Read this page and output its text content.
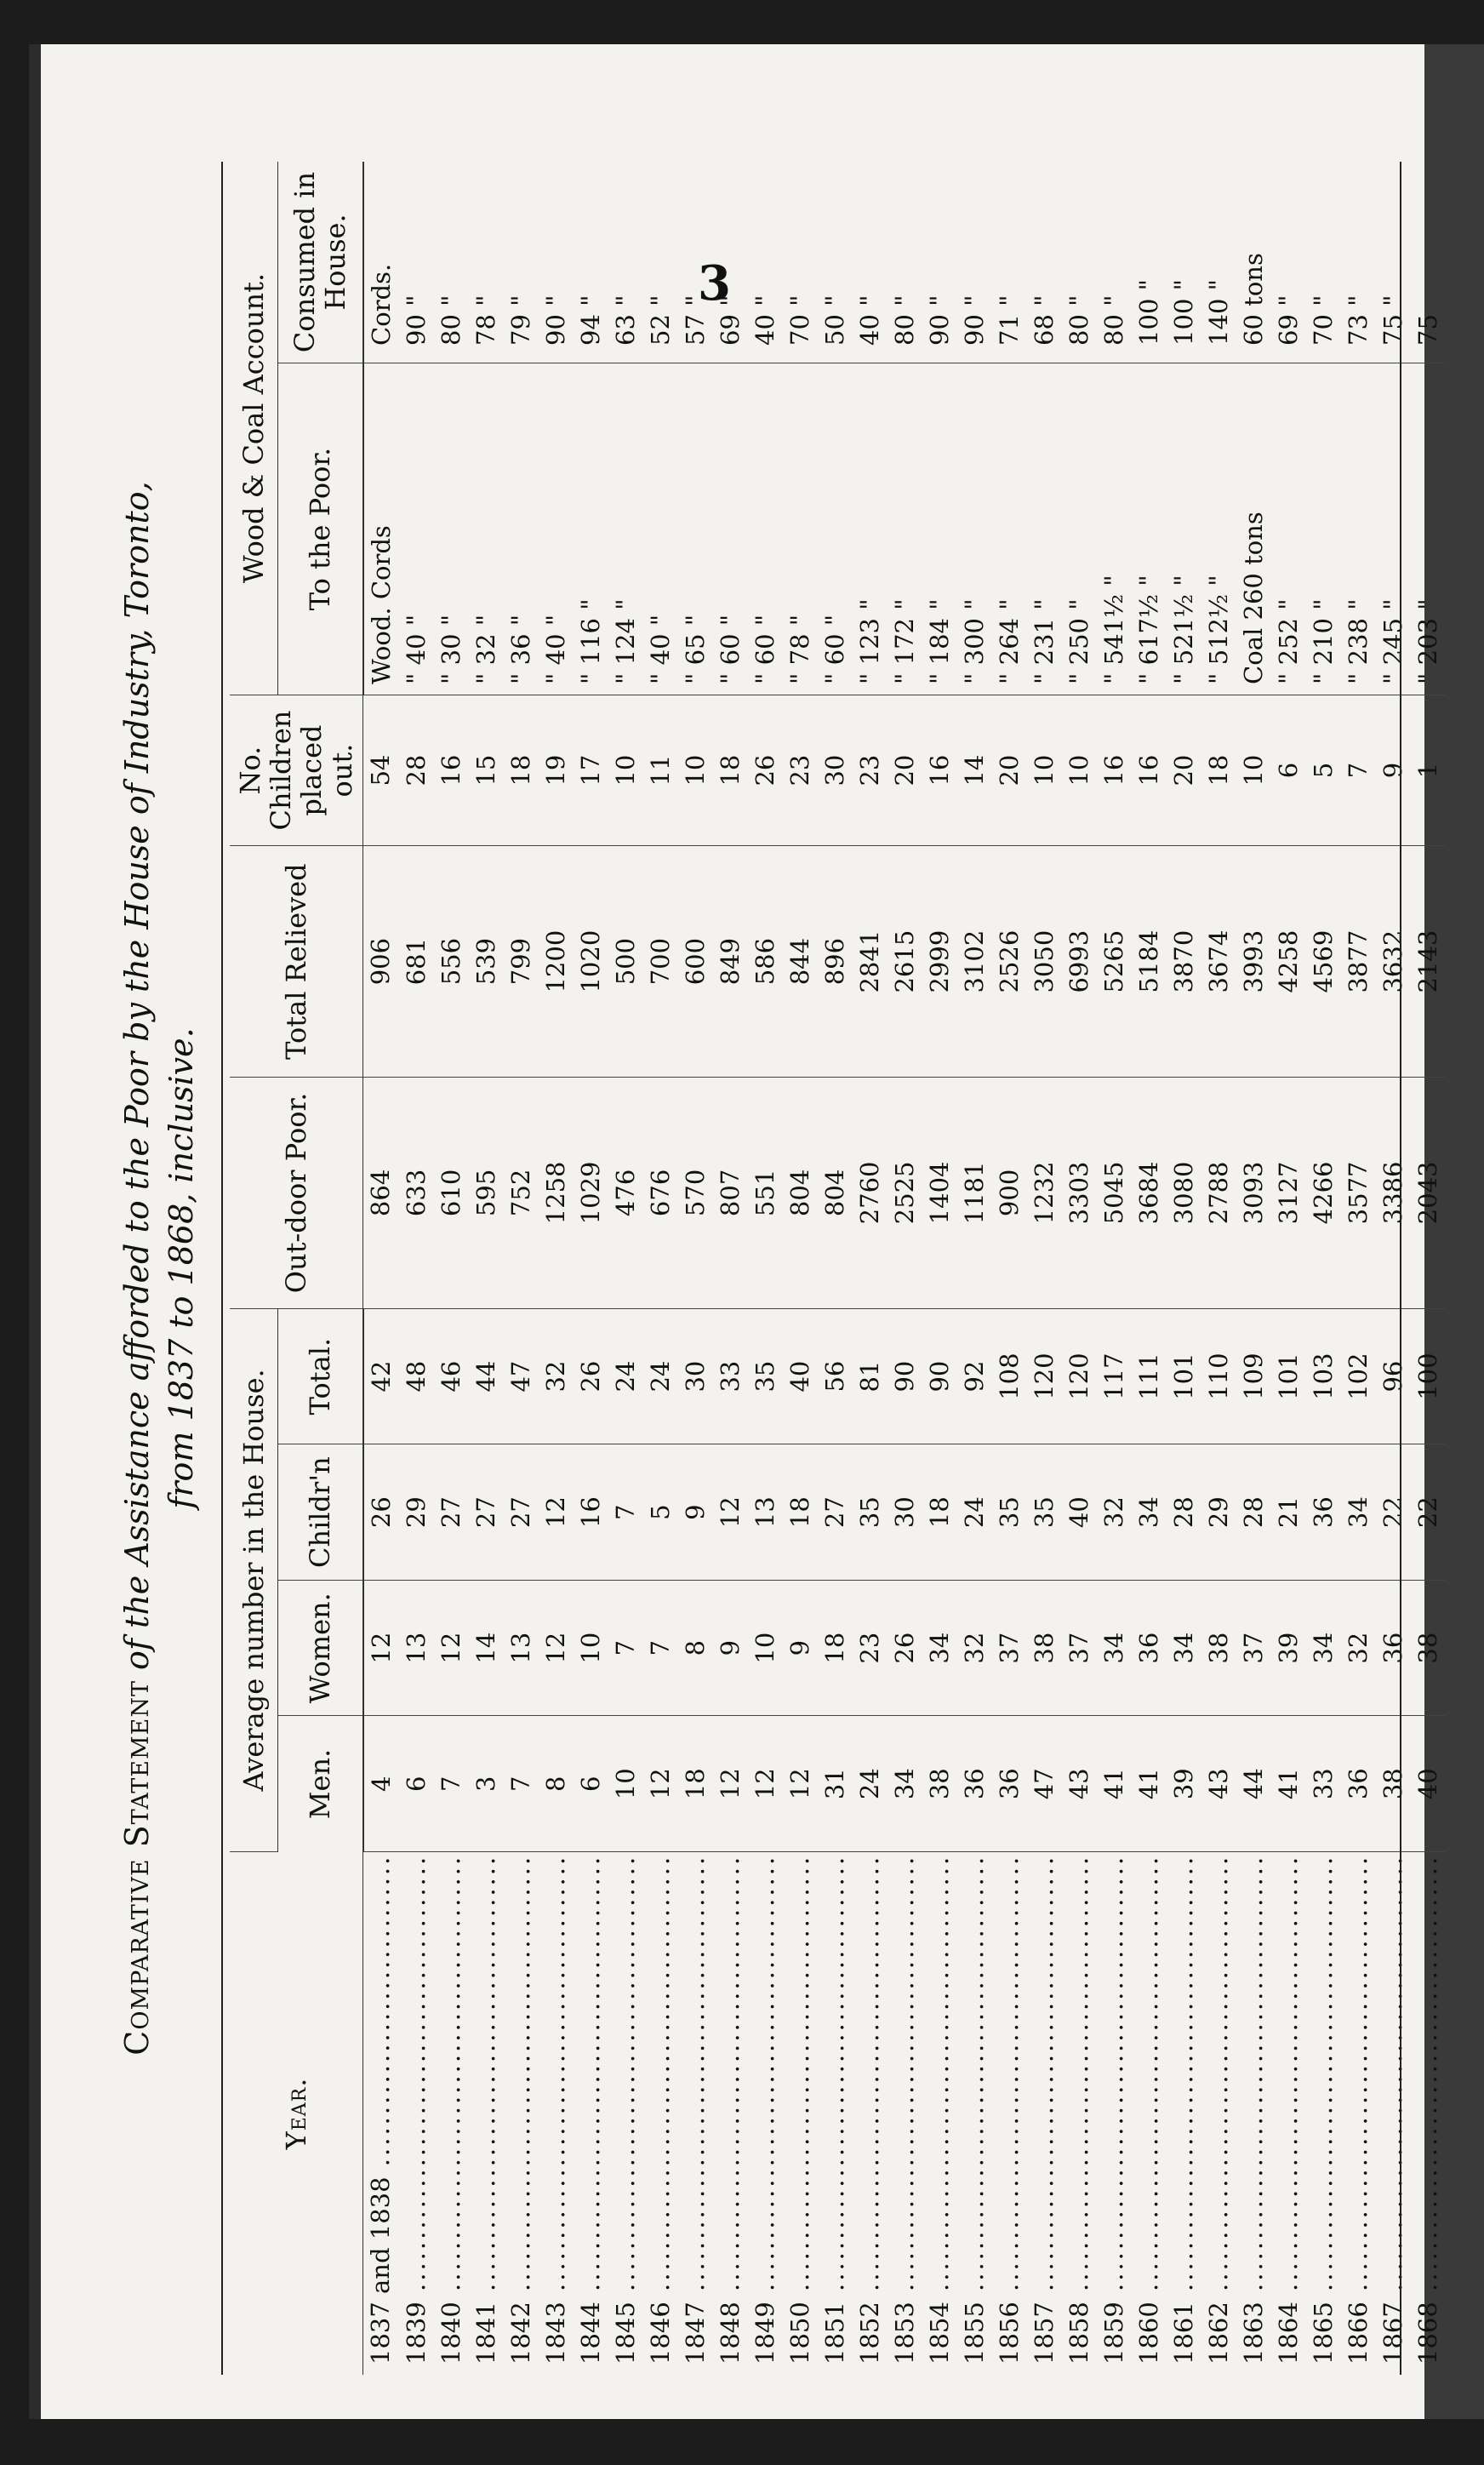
3
Comparative Statement of the Assistance afforded to the Poor by the House of Industry, Toronto, from 1837 to 1868, inclusive.
Year.	Average number in the House.				Out-door Poor.	Total Relieved	No. Children placed out.	Wood & Coal Account.	
	Men.	Women.	Childr'n	Total.				To the Poor.	Consumed in House.
1837 and 1838 .....	4	12	26	42	864	906	54	Wood. Cords	Cords.
1839 .....	6	13	29	48	633	681	28	" 40 "	90 "
1840 .....	7	12	27	46	610	556	16	" 30 "	80 "
1841 .....	3	14	27	44	595	539	15	" 32 "	78 "
1842 .....	7	13	27	47	752	799	18	" 36 "	79 "
1843 .....	8	12	12	32	1258	1200	19	" 40 "	90 "
1844 .....	6	10	16	26	1029	1020	17	" 116 "	94 "
1845 .....	10	7	7	24	476	500	10	" 124 "	63 "
1846 .....	12	7	5	24	676	700	11	" 40 "	52 "
1847 .....	18	8	9	30	570	600	10	" 65 "	57 "
1848 .....	12	9	12	33	807	849	18	" 60 "	69 "
1849 .....	12	10	13	35	551	586	26	" 60 "	40 "
1850 .....	12	9	18	40	804	844	23	" 78 "	70 "
1851 .....	31	18	27	56	804	896	30	" 60 "	50 "
1852 .....	24	23	35	81	2760	2841	23	" 123 "	40 "
1853 .....	34	26	30	90	2525	2615	20	" 172 "	80 "
1854 .....	38	34	18	90	1404	2999	16	" 184 "	90 "
1855 .....	36	32	24	92	1181	3102	14	" 300 "	90 "
1856 .....	36	37	35	108	900	2526	20	" 264 "	71 "
1857 .....	47	38	35	120	1232	3050	10	" 231 "	68 "
1858 .....	43	37	40	120	3303	6993	10	" 250 "	80 "
1859 .....	41	34	32	117	5045	5265	16	" 541½ "	80 "
1860 .....	41	36	34	111	3684	5184	16	" 617½ "	100 "
1861 .....	39	34	28	101	3080	3870	20	" 521½ "	100 "
1862 .....	43	38	29	110	2788	3674	18	" 512½ "	140 "
1863 .....	44	37	28	109	3093	3993	10	Coal 260 tons	60 tons
1864 .....	41	39	21	101	3127	4258	6	" 252 "	69 "
1865 .....	33	34	36	103	4266	4569	5	" 210 "	70 "
1866 .....	36	32	34	102	3577	3877	7	" 238 "	73 "
1867 .....	38	36	22	96	3386	3632	9	" 245 "	75 "
1868 .....	40	38	22	100	2043	2143	1	" 203 "	75
